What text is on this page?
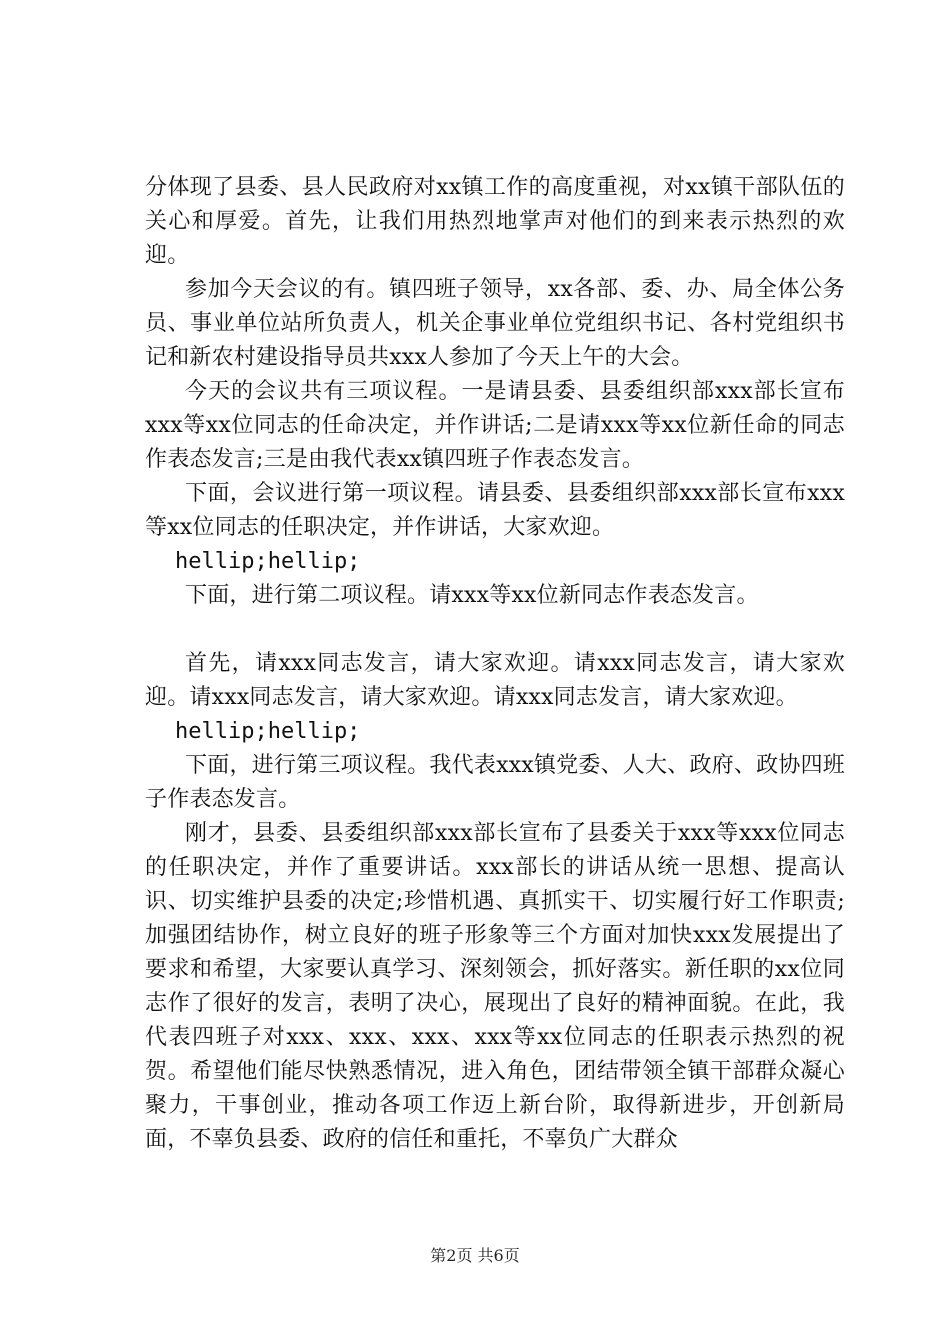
分体现了县委、县人民政府对xx镇工作的高度重视，对xx镇干部队伍的关心和厚爱。首先，让我们用热烈地掌声对他们的到来表示热烈的欢迎。

参加今天会议的有。镇四班子领导，xx各部、委、办、局全体公务员、事业单位站所负责人，机关企事业单位党组织书记、各村党组织书记和新农村建设指导员共xxx人参加了今天上午的大会。

今天的会议共有三项议程。一是请县委、县委组织部xxx部长宣布xxx等xx位同志的任命决定，并作讲话;二是请xxx等xx位新任命的同志作表态发言;三是由我代表xx镇四班子作表态发言。

下面，会议进行第一项议程。请县委、县委组织部xxx部长宣布xxx等xx位同志的任职决定，并作讲话，大家欢迎。

hellip;hellip;

下面，进行第二项议程。请xxx等xx位新同志作表态发言。

首先，请xxx同志发言，请大家欢迎。请xxx同志发言，请大家欢迎。请xxx同志发言，请大家欢迎。请xxx同志发言，请大家欢迎。

hellip;hellip;

下面，进行第三项议程。我代表xxx镇党委、人大、政府、政协四班子作表态发言。

刚才，县委、县委组织部xxx部长宣布了县委关于xxx等xxx位同志的任职决定，并作了重要讲话。xxx部长的讲话从统一思想、提高认识、切实维护县委的决定;珍惜机遇、真抓实干、切实履行好工作职责;加强团结协作，树立良好的班子形象等三个方面对加快xxx发展提出了要求和希望，大家要认真学习、深刻领会，抓好落实。新任职的xx位同志作了很好的发言，表明了决心，展现出了良好的精神面貌。在此，我代表四班子对xxx、xxx、xxx、xxx等xx位同志的任职表示热烈的祝贺。希望他们能尽快熟悉情况，进入角色，团结带领全镇干部群众凝心聚力，干事创业，推动各项工作迈上新台阶，取得新进步，开创新局面，不辜负县委、政府的信任和重托，不辜负广大群众

第2页 共6页
